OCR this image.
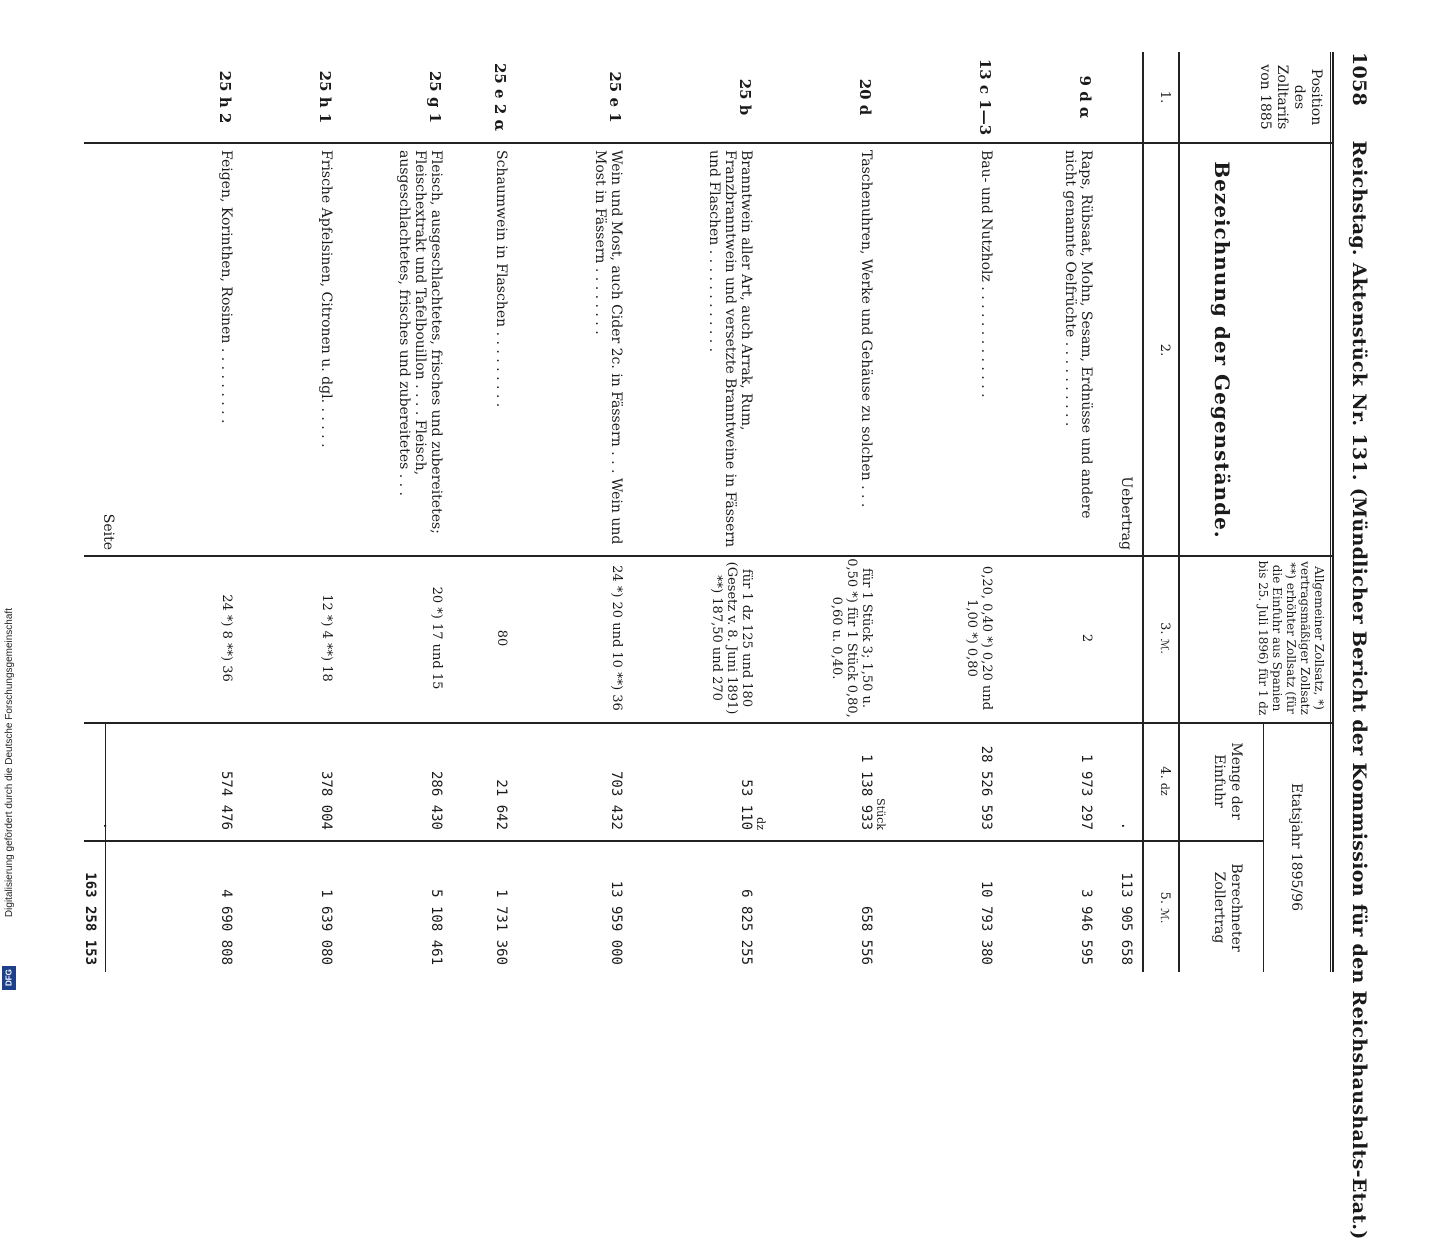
1058     Reichstag. Aktenstück Nr. 131. (Mündlicher Bericht der Kommission für den Reichshaushalts-Etat.)
Position des Zolltarifs von 1885
Bezeichnung der Gegenstände.
Allgemeiner Zollsatz, *) vertragsmäßiger Zollsatz **) erhöhter Zollsatz (für die Einfuhr aus Spanien bis 25. Juli 1896) für 1 dz
Etatsjahr 1895/96
Menge der Einfuhr
Berechneter Zollertrag
1.
2.
3. ℳ.
4. dz
5. ℳ.
Uebertrag
.
113 905 658
9 d α
Raps, Rübsaat, Mohn, Sesam, Erdnüsse und andere nicht genannte Oelfrüchte . . . . . . . . . .
2
1 973 297
3 946 595
13 c 1—3
Bau- und Nutzholz . . . . . . . . . . . . .
0,20, 0,40 *) 0,20 und 1,00 *) 0,80
28 526 593
10 793 380
20 d
Taschenuhren, Werke und Gehäuse zu solchen . . .
für 1 Stück 3; 1,50 u. 0,50 *) für 1 Stück 0,80, 0,60 u. 0,40.
Stück
1 138 933
658 556
25 b
Branntwein aller Art, auch Arrak, Rum, Franzbranntwein und versetzte Branntweine in Fässern und Flaschen . . . . . . . . . . . .
für 1 dz 125 und 180 (Gesetz v. 8. Juni 1891) **) 187,50 und 270
dz
53 110
6 825 255
25 e 1
Wein und Most, auch Cider 2c. in Fässern . . . Wein und Most in Fässern . . . . . . . .
24 *) 20 und 10 **) 36
703 432
13 959 000
25 e 2 α
Schaumwein in Flaschen . . . . . . . . .
80
21 642
1 731 360
25 g 1
Fleisch, ausgeschlachtetes, frisches und zubereitetes; Fleischextrakt und Tafelbouillon . . . . Fleisch, ausgeschlachtetes, frisches und zubereitetes . . .
20 *) 17 und 15
286 430
5 108 461
25 h 1
Frische Apfelsinen, Citronen u. dgl. . . . . .
12 *) 4 **) 18
378 004
1 639 080
25 h 2
Feigen, Korinthen, Rosinen . . . . . . . . .
24 *) 8 **) 36
574 476
4 690 808
Seite
.
163 258 153
Digitalisierung gefördert durch die Deutsche Forschungsgemeinschaft
DFG
